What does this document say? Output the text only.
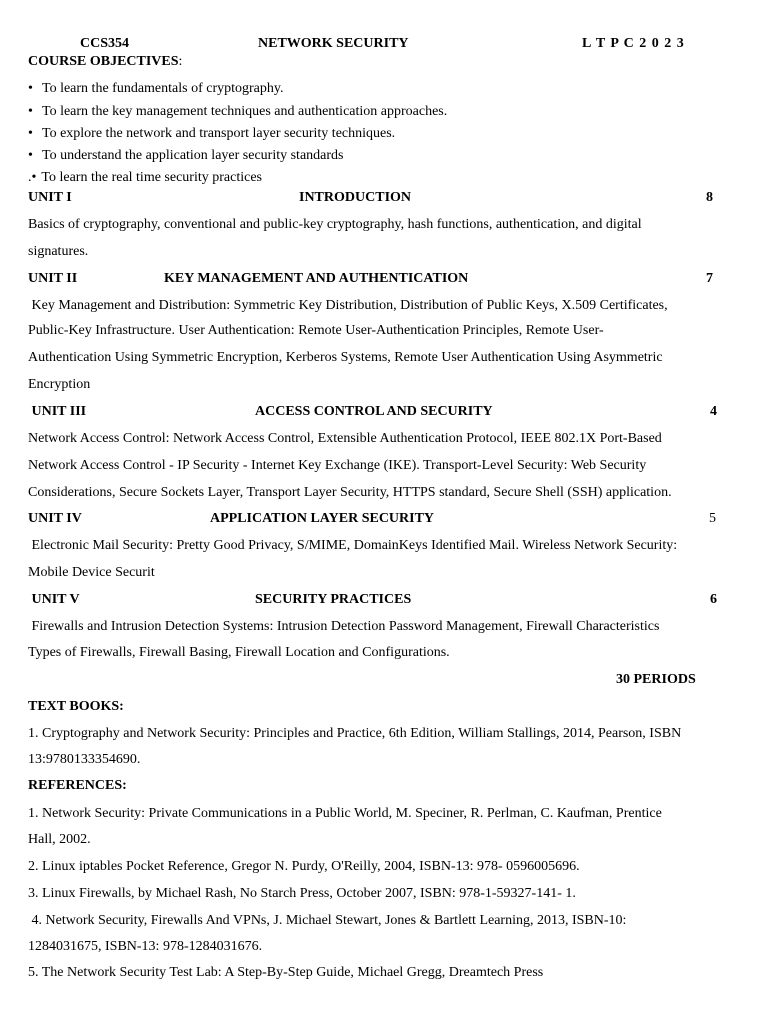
CCS354	NETWORK SECURITY	L T P C 2 0 2 3
COURSE OBJECTIVES:
• To learn the fundamentals of cryptography.
• To learn the key management techniques and authentication approaches.
• To explore the network and transport layer security techniques.
• To understand the application layer security standards
.• To learn the real time security practices
UNIT I	INTRODUCTION	8
Basics of cryptography, conventional and public-key cryptography, hash functions, authentication, and digital
signatures.
UNIT II	KEY MANAGEMENT AND AUTHENTICATION	7
Key Management and Distribution: Symmetric Key Distribution, Distribution of Public Keys, X.509 Certificates,
Public-Key Infrastructure. User Authentication: Remote User-Authentication Principles, Remote User-
Authentication Using Symmetric Encryption, Kerberos Systems, Remote User Authentication Using Asymmetric
Encryption
UNIT III	ACCESS CONTROL AND SECURITY	4
Network Access Control: Network Access Control, Extensible Authentication Protocol, IEEE 802.1X Port-Based
Network Access Control - IP Security - Internet Key Exchange (IKE). Transport-Level Security: Web Security
Considerations, Secure Sockets Layer, Transport Layer Security, HTTPS standard, Secure Shell (SSH) application.
UNIT IV	APPLICATION LAYER SECURITY	5
Electronic Mail Security: Pretty Good Privacy, S/MIME, DomainKeys Identified Mail. Wireless Network Security:
Mobile Device Securit
UNIT V	SECURITY PRACTICES	6
Firewalls and Intrusion Detection Systems: Intrusion Detection Password Management, Firewall Characteristics
Types of Firewalls, Firewall Basing, Firewall Location and Configurations.
30 PERIODS
TEXT BOOKS:
1. Cryptography and Network Security: Principles and Practice, 6th Edition, William Stallings, 2014, Pearson, ISBN
13:9780133354690.
REFERENCES:
1. Network Security: Private Communications in a Public World, M. Speciner, R. Perlman, C. Kaufman, Prentice
Hall, 2002.
2. Linux iptables Pocket Reference, Gregor N. Purdy, O'Reilly, 2004, ISBN-13: 978- 0596005696.
3. Linux Firewalls, by Michael Rash, No Starch Press, October 2007, ISBN: 978-1-59327-141- 1.
4. Network Security, Firewalls And VPNs, J. Michael Stewart, Jones & Bartlett Learning, 2013, ISBN-10:
1284031675, ISBN-13: 978-1284031676.
5. The Network Security Test Lab: A Step-By-Step Guide, Michael Gregg, Dreamtech Press
